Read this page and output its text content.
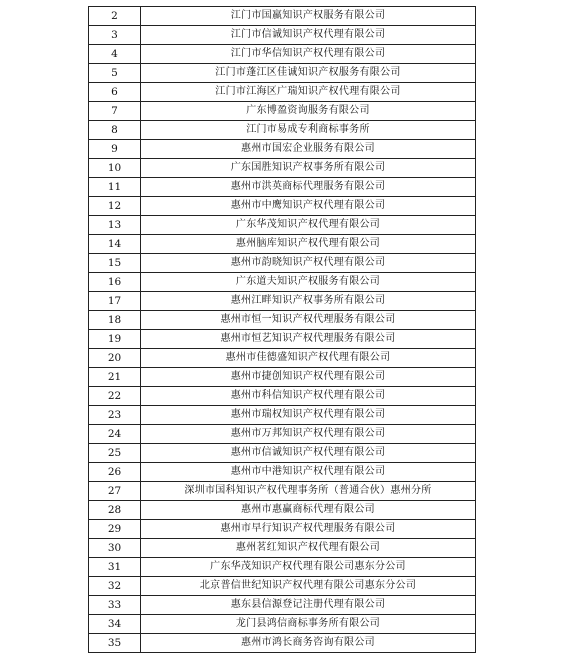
2	江门市国嬴知识产权服务有限公司
3	江门市信诚知识产权代理有限公司
4	江门市华信知识产权代理有限公司
5	江门市蓬江区佳诚知识产权服务有限公司
6	江门市江海区广瑞知识产权代理有限公司
7	广东博盈资询服务有限公司
8	江门市易成专利商标事务所
9	惠州市国宏企业服务有限公司
10	广东国胜知识产权事务所有限公司
11	惠州市洪英商标代理服务有限公司
12	惠州市中鹰知识产权代理有限公司
13	广东华茂知识产权代理有限公司
14	惠州脑库知识产权代理有限公司
15	惠州市韵晓知识产权代理有限公司
16	广东道夫知识产权服务有限公司
17	惠州江畔知识产权事务所有限公司
18	惠州市恒一知识产权代理服务有限公司
19	惠州市恒艺知识产权代理服务有限公司
20	惠州市佳德盛知识产权代理有限公司
21	惠州市捷创知识产权代理有限公司
22	惠州市科信知识产权代理有限公司
23	惠州市瑞权知识产权代理有限公司
24	惠州市万邦知识产权代理有限公司
25	惠州市信诚知识产权代理有限公司
26	惠州市中港知识产权代理有限公司
27	深圳市国科知识产权代理事务所（普通合伙）惠州分所
28	惠州市惠赢商标代理有限公司
29	惠州市早行知识产权代理服务有限公司
30	惠州茗红知识产权代理有限公司
31	广东华茂知识产权代理有限公司惠东分公司
32	北京普信世纪知识产权代理有限公司惠东分公司
33	惠东县信源登记注册代理有限公司
34	龙门县鸿信商标事务所有限公司
35	惠州市鸿长商务咨询有限公司
